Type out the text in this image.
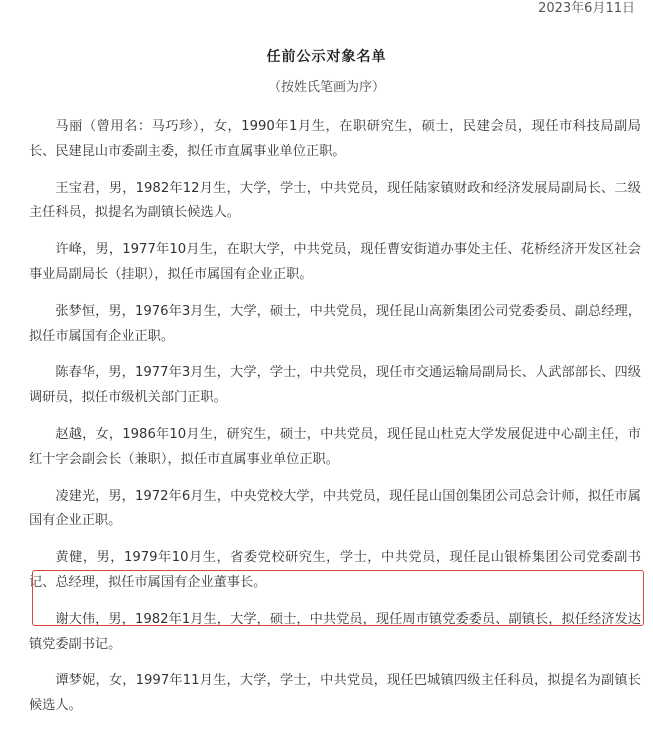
2023年6月11日
任前公示对象名单
（按姓氏笔画为序）

马丽（曾用名：马巧珍），女，1990年1月生，在职研究生，硕士，民建会员，现任市科技局副局长、民建昆山市委副主委，拟任市直属事业单位正职。

王宝君，男，1982年12月生，大学，学士，中共党员，现任陆家镇财政和经济发展局副局长、二级主任科员，拟提名为副镇长候选人。

许峰，男，1977年10月生，在职大学，中共党员，现任曹安街道办事处主任、花桥经济开发区社会事业局副局长（挂职），拟任市属国有企业正职。

张梦恒，男，1976年3月生，大学，硕士，中共党员，现任昆山高新集团公司党委委员、副总经理，拟任市属国有企业正职。

陈春华，男，1977年3月生，大学，学士，中共党员，现任市交通运输局副局长、人武部部长、四级调研员，拟任市级机关部门正职。

赵越，女，1986年10月生，研究生，硕士，中共党员，现任昆山杜克大学发展促进中心副主任，市红十字会副会长（兼职），拟任市直属事业单位正职。

凌建光，男，1972年6月生，中央党校大学，中共党员，现任昆山国创集团公司总会计师，拟任市属国有企业正职。

黄健，男，1979年10月生，省委党校研究生，学士，中共党员，现任昆山银桥集团公司党委副书记、总经理，拟任市属国有企业董事长。

谢大伟，男，1982年1月生，大学，硕士，中共党员，现任周市镇党委委员、副镇长，拟任经济发达镇党委副书记。

谭梦妮，女，1997年11月生，大学，学士，中共党员，现任巴城镇四级主任科员，拟提名为副镇长候选人。
